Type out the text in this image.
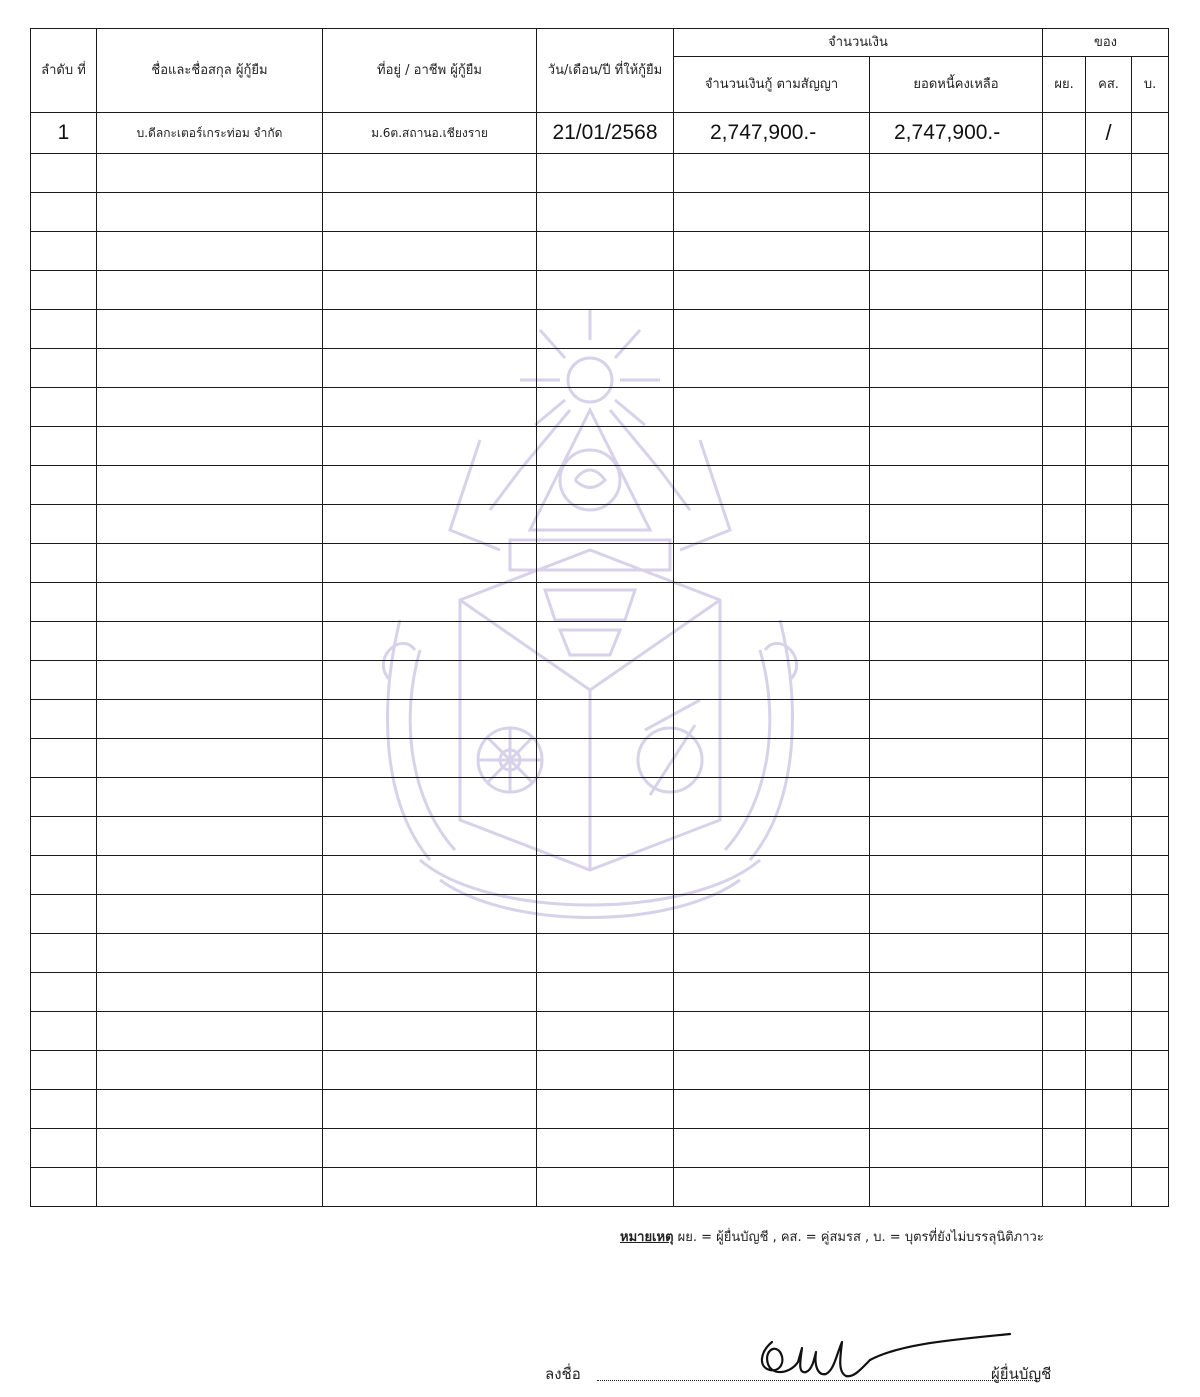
ลำดับ ที่	ชื่อและชื่อสกุล ผู้กู้ยืม	ที่อยู่ / อาชีพ ผู้กู้ยืม	วัน/เดือน/ปี ที่ให้กู้ยืม	จำนวนเงิน		ของ		

				จำนวนเงินกู้ ตามสัญญา	ยอดหนี้คงเหลือ	ผย.	คส.	บ.
1	บ.ดีลกะเตอร์เกระท่อม จำกัด	ม.6ต.สถานอ.เชียงราย	21/01/2568	2,747,900.-	2,747,900.-		/	

หมายเหตุ ผย. = ผู้ยื่นบัญชี , คส. = คู่สมรส , บ. = บุตรที่ยังไม่บรรลุนิติภาวะ
ลงชื่อ	ผู้ยื่นบัญชี
